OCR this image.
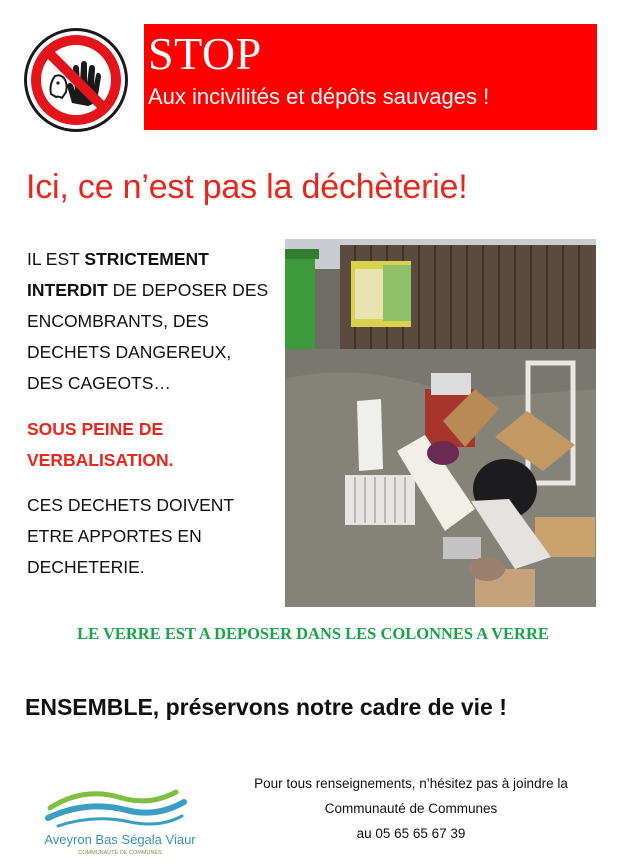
STOP
Aux incivilités et dépôts sauvages !
Ici, ce n’est pas la déchèterie!

IL EST STRICTEMENT INTERDIT DE DEPOSER DES ENCOMBRANTS, DES DECHETS DANGEREUX, DES CAGEOTS…

SOUS PEINE DE VERBALISATION.

CES DECHETS DOIVENT ETRE APPORTES EN DECHETERIE.

LE VERRE EST A DEPOSER DANS LES COLONNES A VERRE
ENSEMBLE, préservons notre cadre de vie !
Aveyron Bas Ségala Viaur
COMMUNAUTÉ DE COMMUNES
Pour tous renseignements, n’hésitez pas à joindre la
Communauté de Communes
au 05 65 65 67 39
